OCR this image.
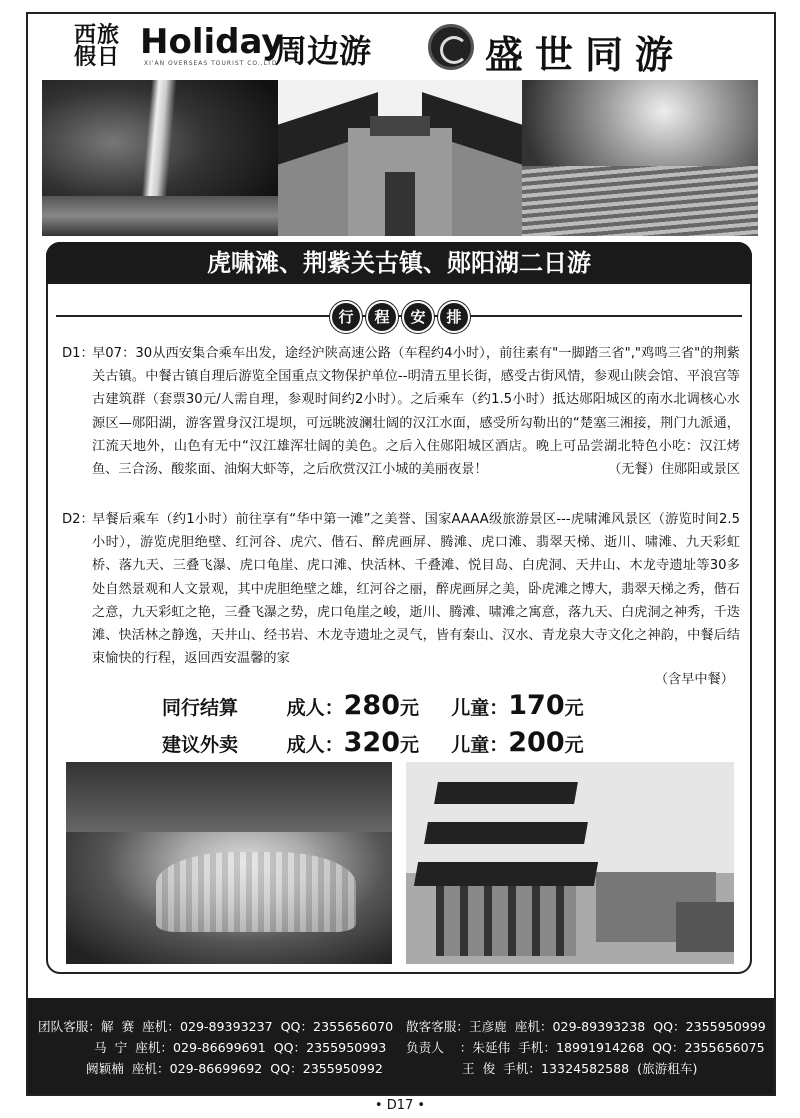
西旅假日 Holiday
XI'AN OVERSEAS TOURIST CO.,LTD
周边游	盛世同游
虎啸滩、荆紫关古镇、郧阳湖二日游
行	程	安	排
D1：
早07：30从西安集合乘车出发，途经沪陕高速公路（车程约4小时），前往素有"一脚踏三省","鸡鸣三省"的荆紫关古镇。中餐古镇自理后游览全国重点文物保护单位--明清五里长街，感受古街风情，参观山陕会馆、平浪宫等古建筑群（套票30元/人需自理，参观时间约2小时）。之后乘车（约1.5小时）抵达郧阳城区的南水北调核心水源区—郧阳湖，游客置身汉江堤坝，可远眺波澜壮阔的汉江水面，感受所勾勒出的“楚塞三湘接，荆门九派通，江流天地外，山色有无中“汉江雄浑壮阔的美色。之后入住郧阳城区酒店。晚上可品尝湖北特色小吃：汉江烤鱼、三合汤、酸浆面、油焖大虾等，之后欣赏汉江小城的美丽夜景！	（无餐）住郧阳或景区
D2：
早餐后乘车（约1小时）前往享有“华中第一滩”之美誉、国家AAAA级旅游景区---虎啸滩风景区（游览时间2.5小时），游览虎胆绝壁、红河谷、虎穴、偕石、醉虎画屏、腾滩、虎口滩、翡翠天梯、逝川、啸滩、九天彩虹桥、落九天、三叠飞瀑、虎口龟崖、虎口滩、快活林、千叠滩、悦目岛、白虎洞、天井山、木龙寺遗址等30多处自然景观和人文景观，其中虎胆绝壁之雄，红河谷之丽，醉虎画屏之美，卧虎滩之博大，翡翠天梯之秀，偕石之意，九天彩虹之艳，三叠飞瀑之势，虎口龟崖之峻，逝川、腾滩、啸滩之寓意，落九天、白虎洞之神秀，千迭滩、快活林之静逸，天井山、经书岩、木龙寺遗址之灵气，皆有秦山、汉水、青龙泉大寺文化之神韵，中餐后结束愉快的行程，返回西安温馨的家
（含早中餐）
同行结算	成人：280元 儿童：170元
建议外卖	成人：320元 儿童：200元
团队客服：解  赛  座机：029-89393237  QQ：2355656070
马  宁  座机：029-86699691  QQ：2355950993
阙颖楠  座机：029-86699692  QQ：2355950992
散客客服：王彦鹿  座机：029-89393238  QQ：2355950999
负责人    ：朱延伟  手机：18991914268  QQ：2355656075
王  俊  手机：13324582588  (旅游租车)
• D17 •
